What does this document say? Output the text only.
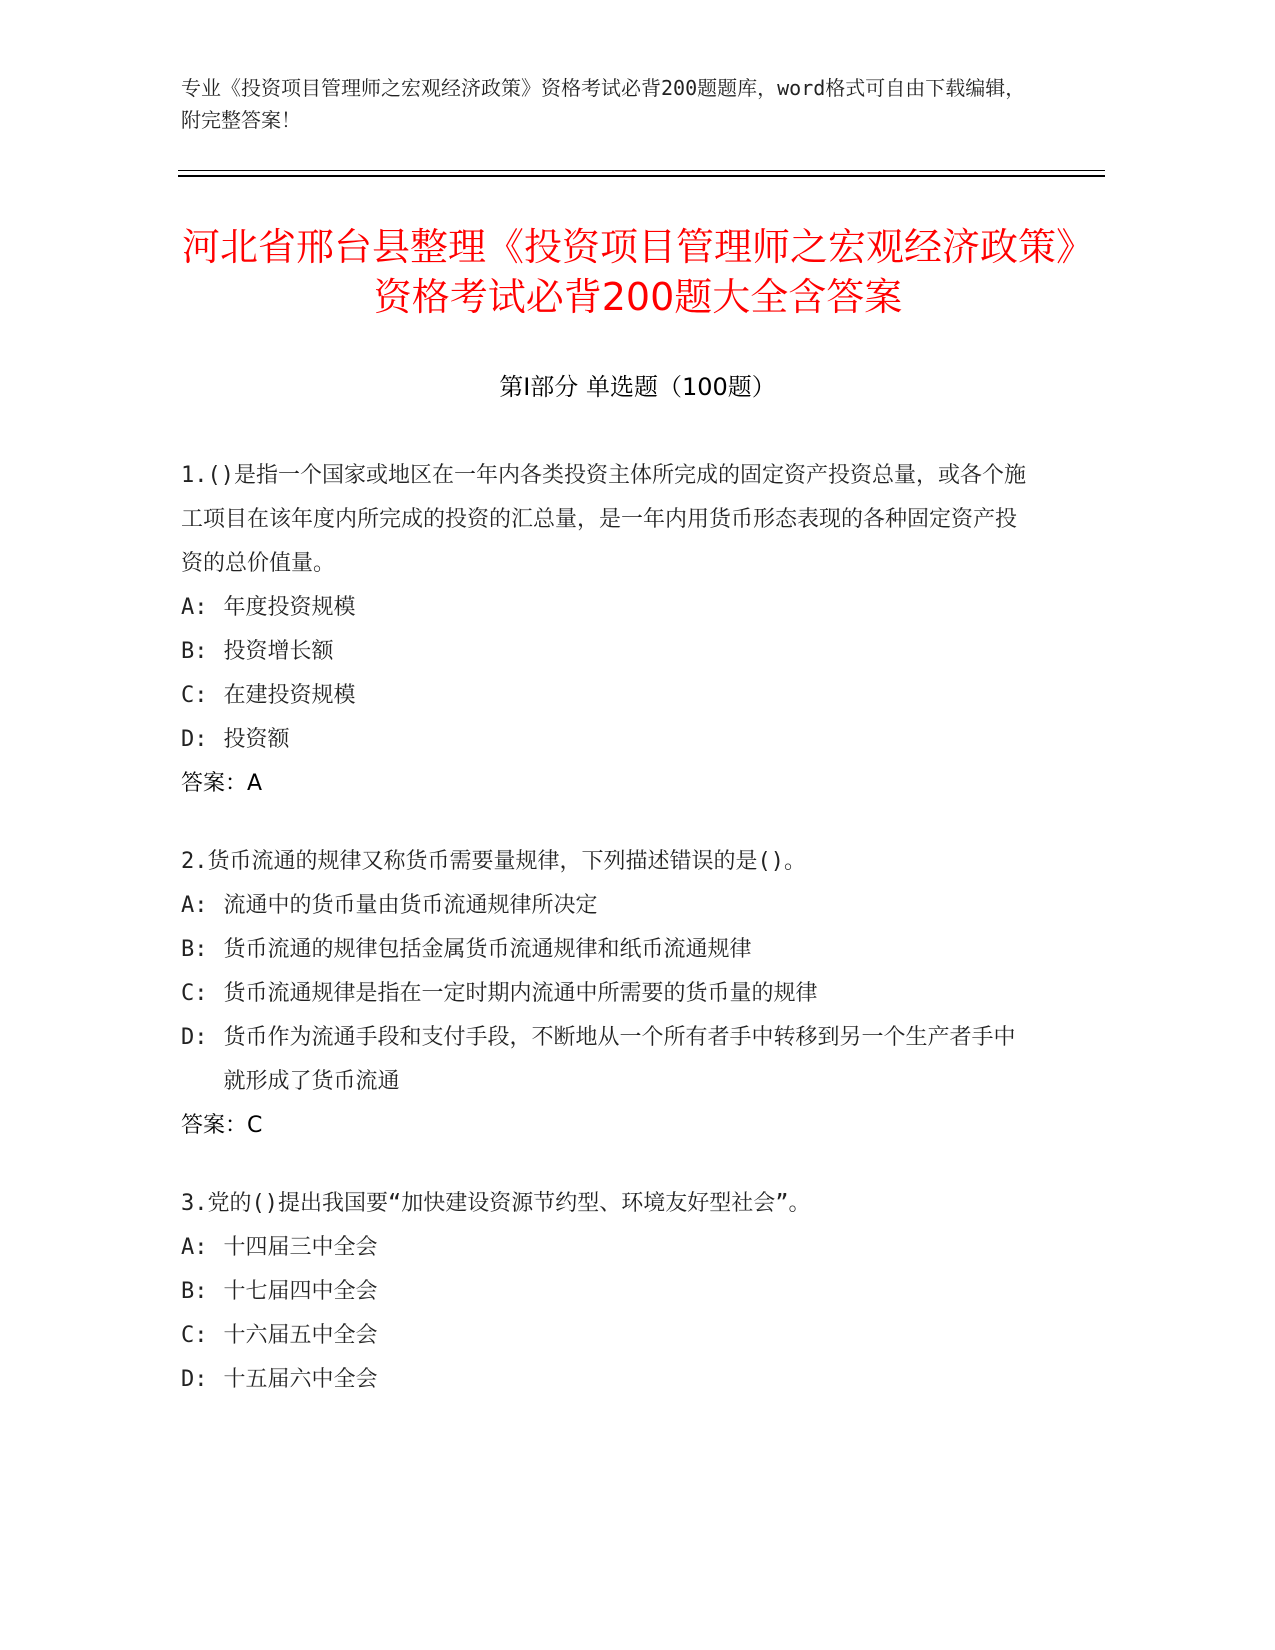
专业《投资项目管理师之宏观经济政策》资格考试必背200题题库，word格式可自由下载编辑，附完整答案！
河北省邢台县整理《投资项目管理师之宏观经济政策》资格考试必背200题大全含答案
第Ⅰ部分 单选题（100题）

1.()是指一个国家或地区在一年内各类投资主体所完成的固定资产投资总量，或各个施工项目在该年度内所完成的投资的汇总量，是一年内用货币形态表现的各种固定资产投资的总价值量。

A: 年度投资规模
B: 投资增长额
C: 在建投资规模
D: 投资额
答案：A

2.货币流通的规律又称货币需要量规律，下列描述错误的是()。

A: 流通中的货币量由货币流通规律所决定
B: 货币流通的规律包括金属货币流通规律和纸币流通规律
C: 货币流通规律是指在一定时期内流通中所需要的货币量的规律
D: 货币作为流通手段和支付手段，不断地从一个所有者手中转移到另一个生产者手中就形成了货币流通
答案：C

3.党的()提出我国要“加快建设资源节约型、环境友好型社会”。

A: 十四届三中全会
B: 十七届四中全会
C: 十六届五中全会
D: 十五届六中全会
